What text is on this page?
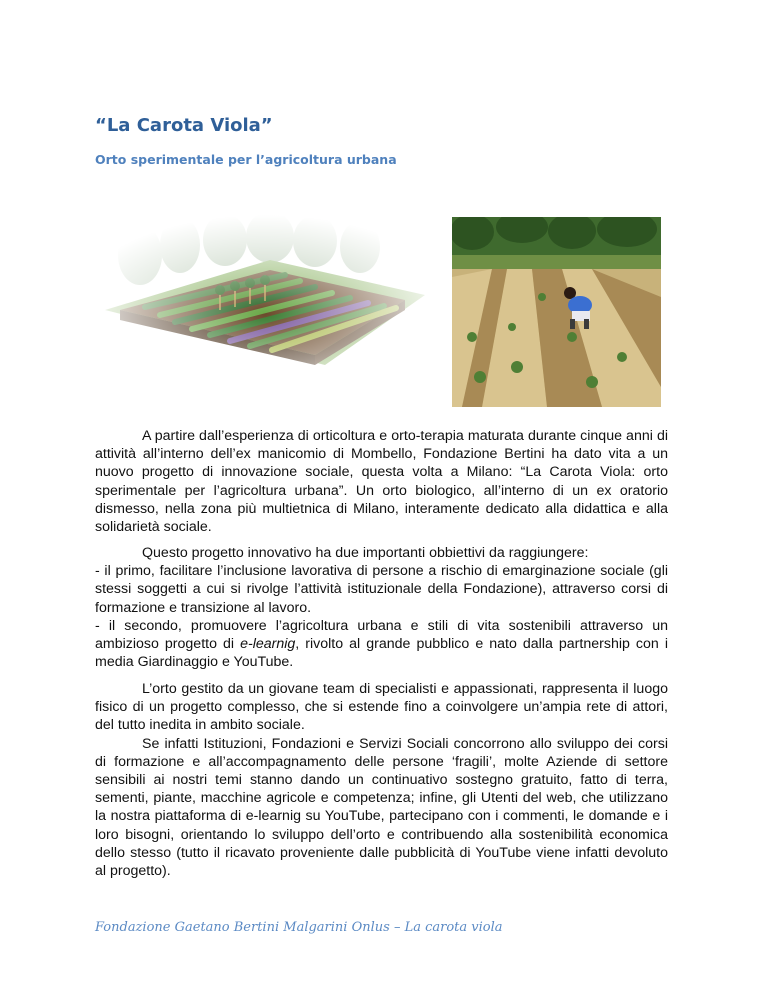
“La Carota Viola”
Orto sperimentale per l’agricoltura urbana

A partire dall’esperienza di orticoltura e orto-terapia maturata durante cinque anni di attività all’interno dell’ex manicomio di Mombello, Fondazione Bertini ha dato vita a un nuovo progetto di innovazione sociale, questa volta a Milano: “La Carota Viola: orto sperimentale per l’agricoltura urbana”. Un orto biologico, all’interno di un ex oratorio dismesso, nella zona più multietnica di Milano, interamente dedicato alla didattica e alla solidarietà sociale.

Questo progetto innovativo ha due importanti obbiettivi da raggiungere:
- il primo, facilitare l’inclusione lavorativa di persone a rischio di emarginazione sociale (gli stessi soggetti a cui si rivolge l’attività istituzionale della Fondazione), attraverso corsi di formazione e transizione al lavoro.
- il secondo, promuovere l’agricoltura urbana e stili di vita sostenibili attraverso un ambizioso progetto di e-learnig, rivolto al grande pubblico e nato dalla partnership con i media Giardinaggio e YouTube.
L’orto gestito da un giovane team di specialisti e appassionati, rappresenta il luogo fisico di un progetto complesso, che si estende fino a coinvolgere un’ampia rete di attori, del tutto inedita in ambito sociale.
Se infatti Istituzioni, Fondazioni e Servizi Sociali concorrono allo sviluppo dei corsi di formazione e all’accompagnamento delle persone ‘fragili’, molte Aziende di settore sensibili ai nostri temi stanno dando un continuativo sostegno gratuito, fatto di terra, sementi, piante, macchine agricole e competenza; infine, gli Utenti del web, che utilizzano la nostra piattaforma di e-learnig su YouTube, partecipano con i commenti, le domande e i loro bisogni, orientando lo sviluppo dell’orto e contribuendo alla sostenibilità economica dello stesso (tutto il ricavato proveniente dalle pubblicità di YouTube viene infatti devoluto al progetto).

Fondazione Gaetano Bertini Malgarini Onlus – La carota viola
